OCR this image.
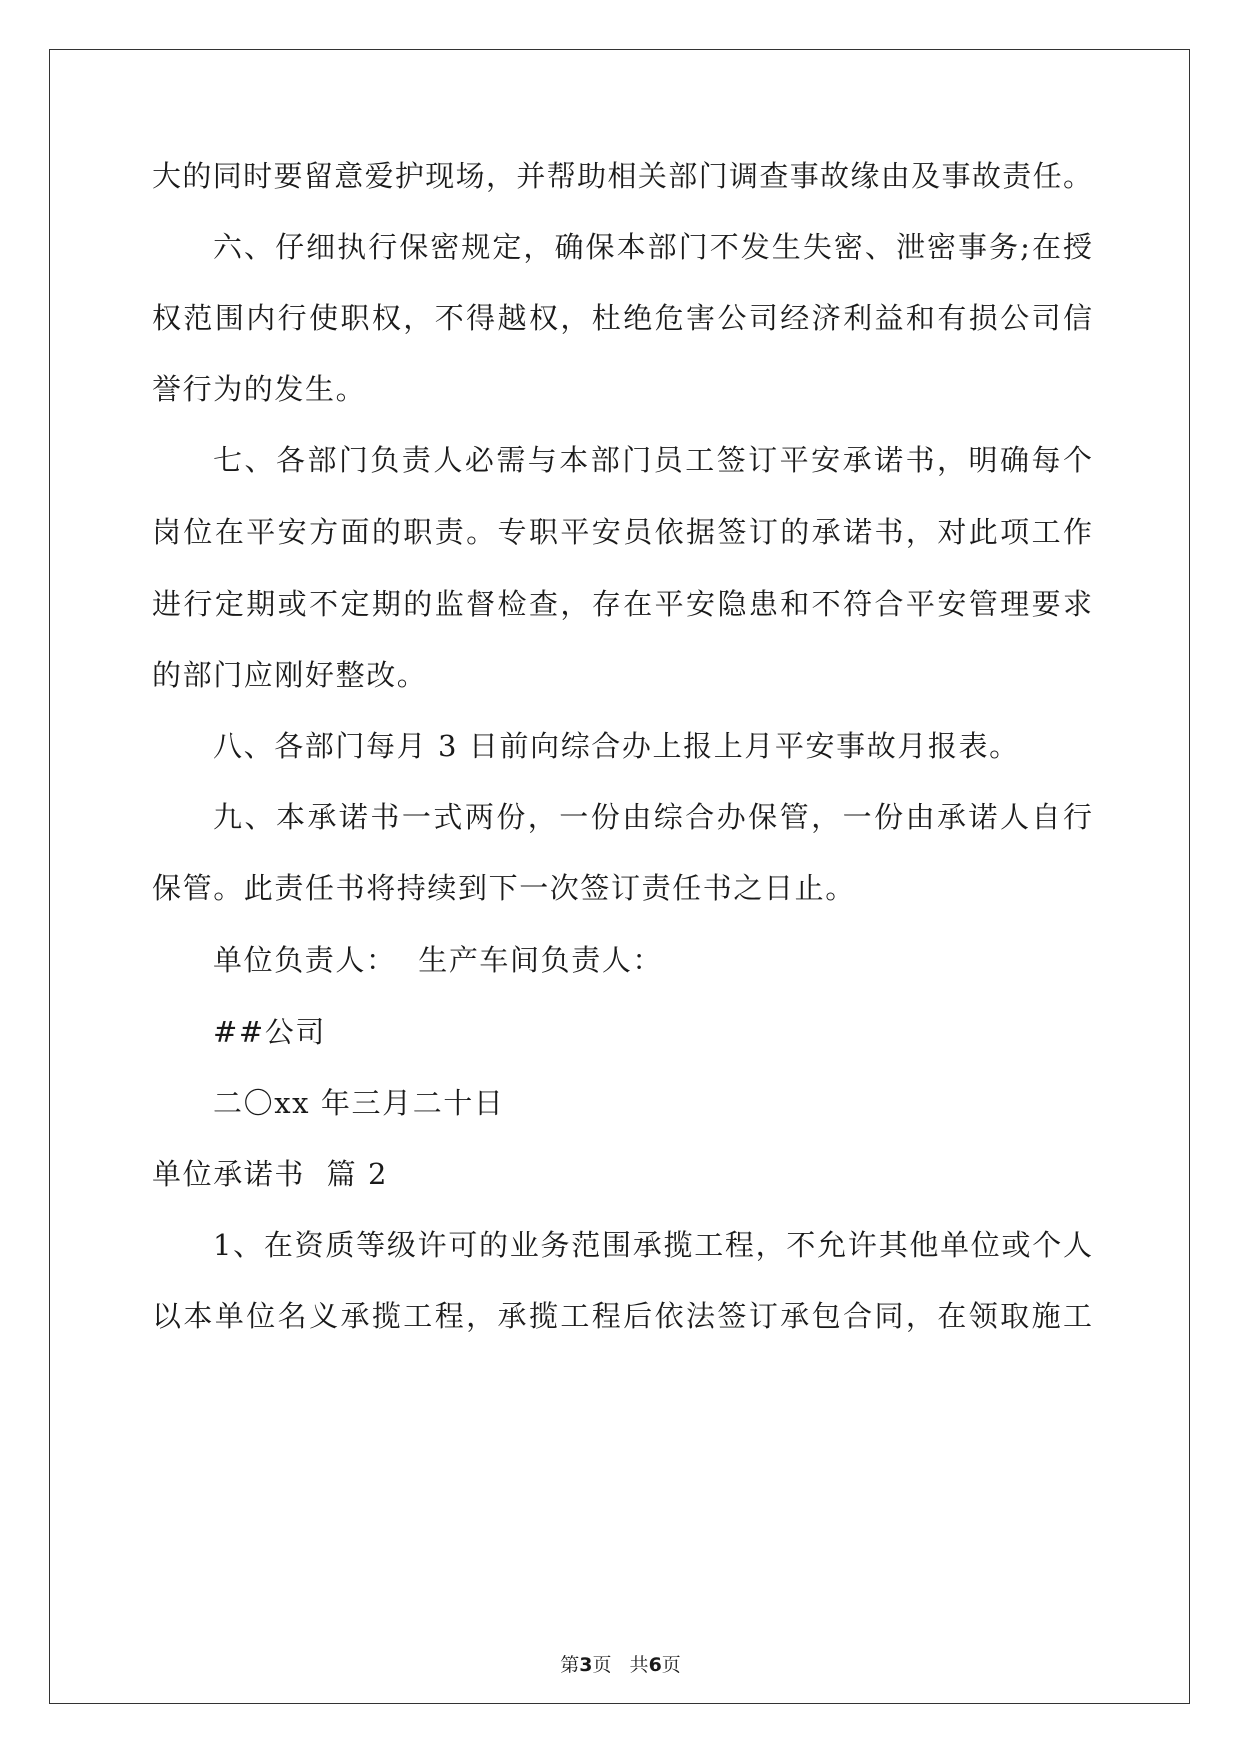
大的同时要留意爱护现场，并帮助相关部门调查事故缘由及事故责任。
六、仔细执行保密规定，确保本部门不发生失密、泄密事务;在授
权范围内行使职权，不得越权，杜绝危害公司经济利益和有损公司信
誉行为的发生。
七、各部门负责人必需与本部门员工签订平安承诺书，明确每个
岗位在平安方面的职责。专职平安员依据签订的承诺书，对此项工作
进行定期或不定期的监督检查，存在平安隐患和不符合平安管理要求
的部门应刚好整改。
八、各部门每月 3 日前向综合办上报上月平安事故月报表。
九、本承诺书一式两份，一份由综合办保管，一份由承诺人自行
保管。此责任书将持续到下一次签订责任书之日止。
单位负责人：  生产车间负责人：
##公司
二〇xx 年三月二十日
单位承诺书  篇 2
1、在资质等级许可的业务范围承揽工程，不允许其他单位或个人
以本单位名义承揽工程，承揽工程后依法签订承包合同，在领取施工
第3页   共6页
